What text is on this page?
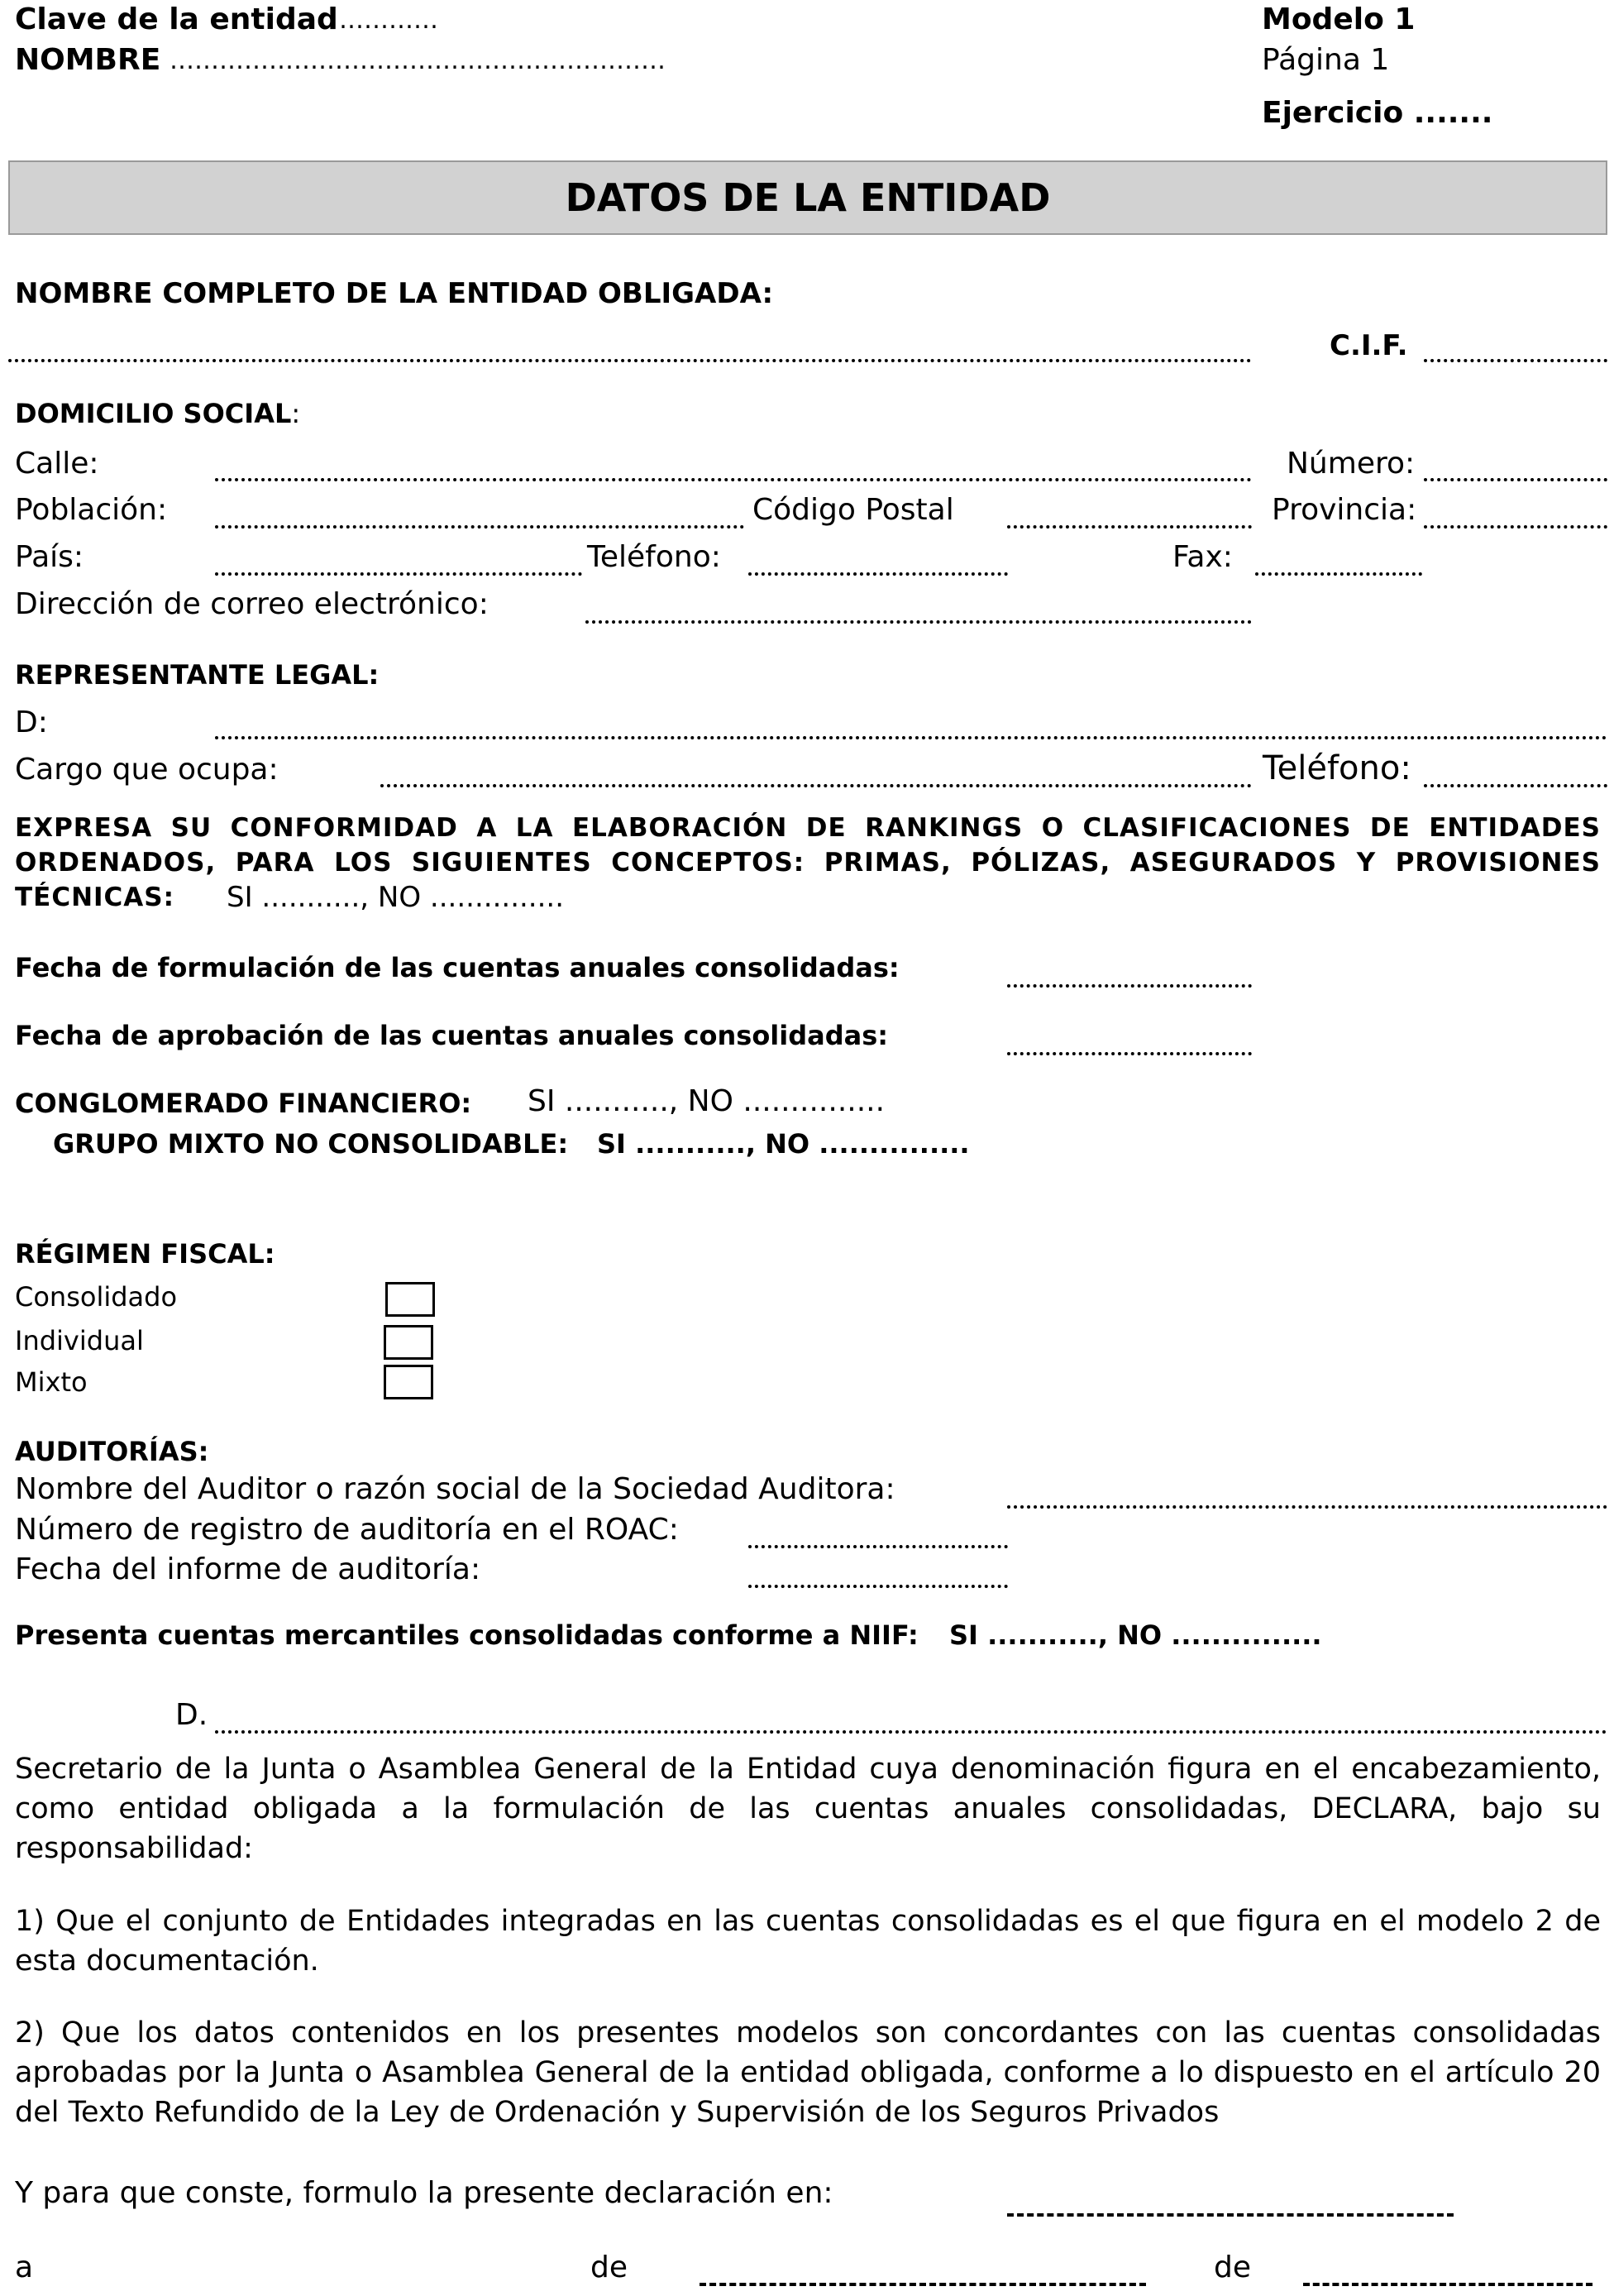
Clave de la entidad …………
NOMBRE ……………………………………………………
Modelo 1
Página 1
Ejercicio .......
DATOS DE LA ENTIDAD
NOMBRE COMPLETO DE LA ENTIDAD OBLIGADA:
C.I.F.
DOMICILIO SOCIAL:
Calle:	Número:
Población:	Código Postal	Provincia:
País:	Teléfono:	Fax:
Dirección de correo electrónico:
REPRESENTANTE LEGAL:
D:
Cargo que ocupa:	Teléfono:
EXPRESA SU CONFORMIDAD A LA ELABORACIÓN DE RANKINGS O CLASIFICACIONES DE ENTIDADES ORDENADOS, PARA LOS SIGUIENTES CONCEPTOS: PRIMAS, PÓLIZAS, ASEGURADOS Y PROVISIONES
TÉCNICAS: SI ..........., NO ...............
Fecha de formulación de las cuentas anuales consolidadas:
Fecha de aprobación de las cuentas anuales consolidadas:
CONGLOMERADO FINANCIERO: SI ..........., NO ...............
GRUPO MIXTO NO CONSOLIDABLE: SI ..........., NO ...............
RÉGIMEN FISCAL:
Consolidado
Individual
Mixto
AUDITORÍAS:
Nombre del Auditor o razón social de la Sociedad Auditora:
Número de registro de auditoría en el ROAC:
Fecha del informe de auditoría:
Presenta cuentas mercantiles consolidadas conforme a NIIF: SI ..........., NO ...............
D.
Secretario de la Junta o Asamblea General de la Entidad cuya denominación figura en el encabezamiento, como entidad obligada a la formulación de las cuentas anuales consolidadas, DECLARA, bajo su responsabilidad:
1) Que el conjunto de Entidades integradas en las cuentas consolidadas es el que figura en el modelo 2 de esta documentación.
2) Que los datos contenidos en los presentes modelos son concordantes con las cuentas consolidadas aprobadas por la Junta o Asamblea General de la entidad obligada, conforme a lo dispuesto en el artículo 20 del Texto Refundido de la Ley de Ordenación y Supervisión de los Seguros Privados
Y para que conste, formulo la presente declaración en:
a	de	de
